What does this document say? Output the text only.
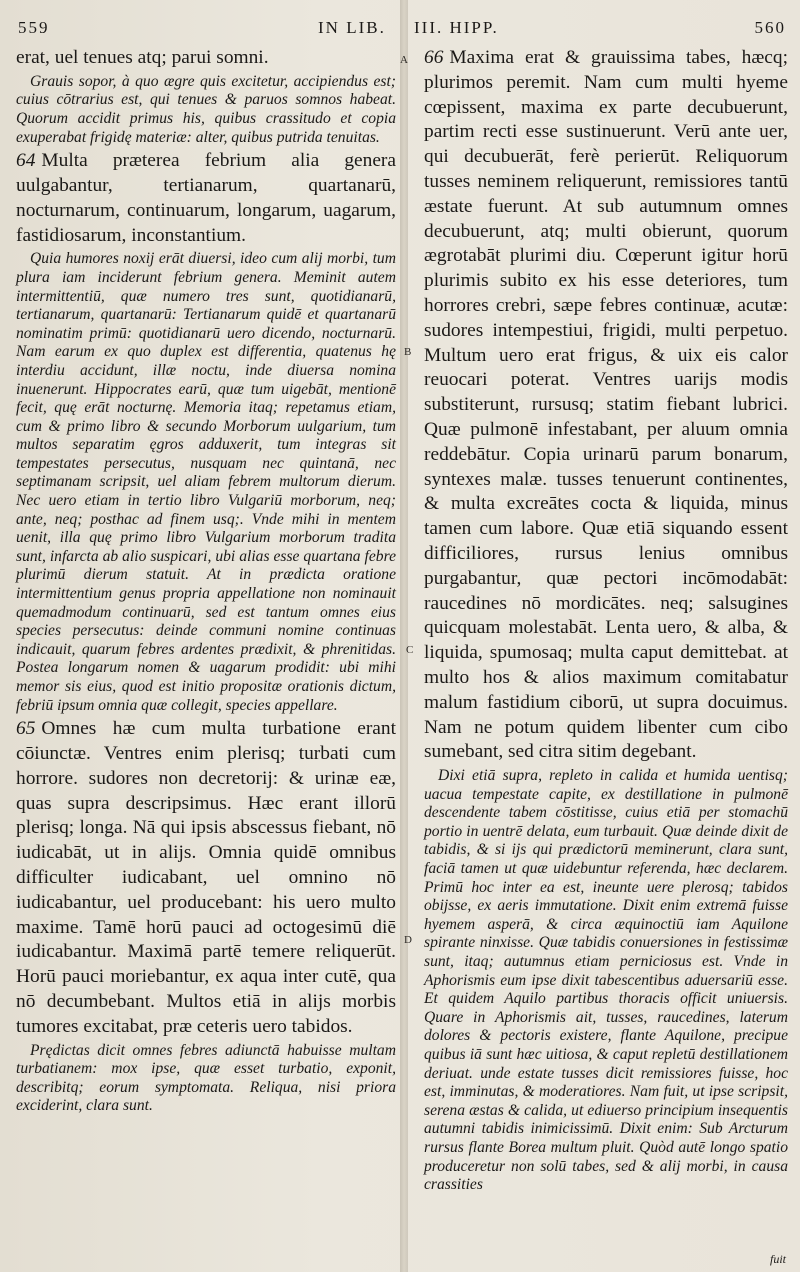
559	IN LIB. III. HIPP.	560
A
B
C
D

erat, uel tenues atq; parui somni.

Grauis sopor, à quo ægre quis excitetur, accipiendus est; cuius cōtrarius est, qui tenues & paruos somnos habeat. Quorum accidit primus his, quibus crassitudo et copia exuperabat frigidę materiæ: alter, quibus putrida tenuitas.

64 Multa præterea febrium alia genera uulgabantur, tertianarum, quartanarū, nocturnarum, continuarum, longarum, uagarum, fastidiosarum, inconstantium.

Quia humores noxij erāt diuersi, ideo cum alij morbi, tum plura iam inciderunt febrium genera. Meminit autem intermittentiū, quæ numero tres sunt, quotidianarū, tertianarum, quartanarū: Tertianarum quidē et quartanarū nominatim primū: quotidianarū uero dicendo, nocturnarū. Nam earum ex quo duplex est differentia, quatenus hę interdiu accidunt, illæ noctu, inde diuersa nomina inuenerunt. Hippocrates earū, quæ tum uigebāt, mentionē fecit, quę erāt nocturnę. Memoria itaq; repetamus etiam, cum & primo libro & secundo Morborum uulgarium, tum multos separatim ęgros adduxerit, tum integras sit tempestates persecutus, nusquam nec quintanā, nec septimanam scripsit, uel aliam febrem multorum dierum. Nec uero etiam in tertio libro Vulgariū morborum, neq; ante, neq; posthac ad finem usq;. Vnde mihi in mentem uenit, illa quę primo libro Vulgarium morborum tradita sunt, infarcta ab alio suspicari, ubi alias esse quartana febre plurimū dierum statuit. At in prædicta oratione intermittentium genus propria appellatione non nominauit quemadmodum continuarū, sed est tantum omnes eius species persecutus: deinde communi nomine continuas indicauit, quarum febres ardentes prædixit, & phrenitidas. Postea longarum nomen & uagarum prodidit: ubi mihi memor sis eius, quod est initio propositæ orationis dictum, febriū ipsum omnia quæ collegit, species appellare.

65 Omnes hæ cum multa turbatione erant cōiunctæ. Ventres enim plerisq; turbati cum horrore. sudores non decretorij: & urinæ eæ, quas supra descripsimus. Hæc erant illorū plerisq; longa. Nā qui ipsis abscessus fiebant, nō iudicabāt, ut in alijs. Omnia quidē omnibus difficulter iudicabant, uel omnino nō iudicabantur, uel producebant: his uero multo maxime. Tamē horū pauci ad octogesimū diē iudicabantur. Maximā partē temere reliquerūt. Horū pauci moriebantur, ex aqua inter cutē, qua nō decumbebant. Multos etiā in alijs morbis tumores excitabat, præ ceteris uero tabidos.

Prędictas dicit omnes febres adiunctā habuisse multam turbatianem: mox ipse, quæ esset turbatio, exponit, describitq; eorum symptomata. Reliqua, nisi priora exciderint, clara sunt.

66 Maxima erat & grauissima tabes, hæcq; plurimos peremit. Nam cum multi hyeme cœpissent, maxima ex parte decubuerunt, partim recti esse sustinuerunt. Verū ante uer, qui decubuerāt, ferè perierūt. Reliquorum tusses neminem reliquerunt, remissiores tantū æstate fuerunt. At sub autumnum omnes decubuerunt, atq; multi obierunt, quorum ægrotabāt plurimi diu. Cœperunt igitur horū plurimis subito ex his esse deteriores, tum horrores crebri, sæpe febres continuæ, acutæ: sudores intempestiui, frigidi, multi perpetuo. Multum uero erat frigus, & uix eis calor reuocari poterat. Ventres uarijs modis substiterunt, rursusq; statim fiebant lubrici. Quæ pulmonē infestabant, per aluum omnia reddebātur. Copia urinarū parum bonarum, syntexes malæ. tusses tenuerunt continentes, & multa excreātes cocta & liquida, minus tamen cum labore. Quæ etiā siquando essent difficiliores, rursus lenius omnibus purgabantur, quæ pectori incōmodabāt: raucedines nō mordicātes. neq; salsugines quicquam molestabāt. Lenta uero, & alba, & liquida, spumosaq; multa caput demittebat. at multo hos & alios maximum comitabatur malum fastidium ciborū, ut supra docuimus. Nam ne potum quidem libenter cum cibo sumebant, sed citra sitim degebant.

Dixi etiā supra, repleto in calida et humida uentisq; uacua tempestate capite, ex destillatione in pulmonē descendente tabem cōstitisse, cuius etiā per stomachū portio in uentrē delata, eum turbauit. Quæ deinde dixit de tabidis, & si ijs qui prædictorū meminerunt, clara sunt, faciā tamen ut quæ uidebuntur referenda, hæc declarem. Primū hoc inter ea est, ineunte uere plerosq; tabidos obijsse, ex aeris immutatione. Dixit enim extremā fuisse hyemem asperā, & circa æquinoctiū iam Aquilone spirante ninxisse. Quæ tabidis conuersiones in festissimæ sunt, itaq; autumnus etiam perniciosus est. Vnde in Aphorismis eum ipse dixit tabescentibus aduersariū esse. Et quidem Aquilo partibus thoracis officit uniuersis. Quare in Aphorismis ait, tusses, raucedines, laterum dolores & pectoris existere, flante Aquilone, precipue quibus iā sunt hæc uitiosa, & caput repletū destillationem deriuat. unde estate tusses dicit remissiores fuisse, hoc est, imminutas, & moderatiores. Nam fuit, ut ipse scripsit, serena æstas & calida, ut ediuerso principium insequentis autumni tabidis inimicissimū. Dixit enim: Sub Arcturum rursus flante Borea multum pluit. Quòd autē longo spatio produceretur non solū tabes, sed & alij morbi, in causa crassities

fuit
